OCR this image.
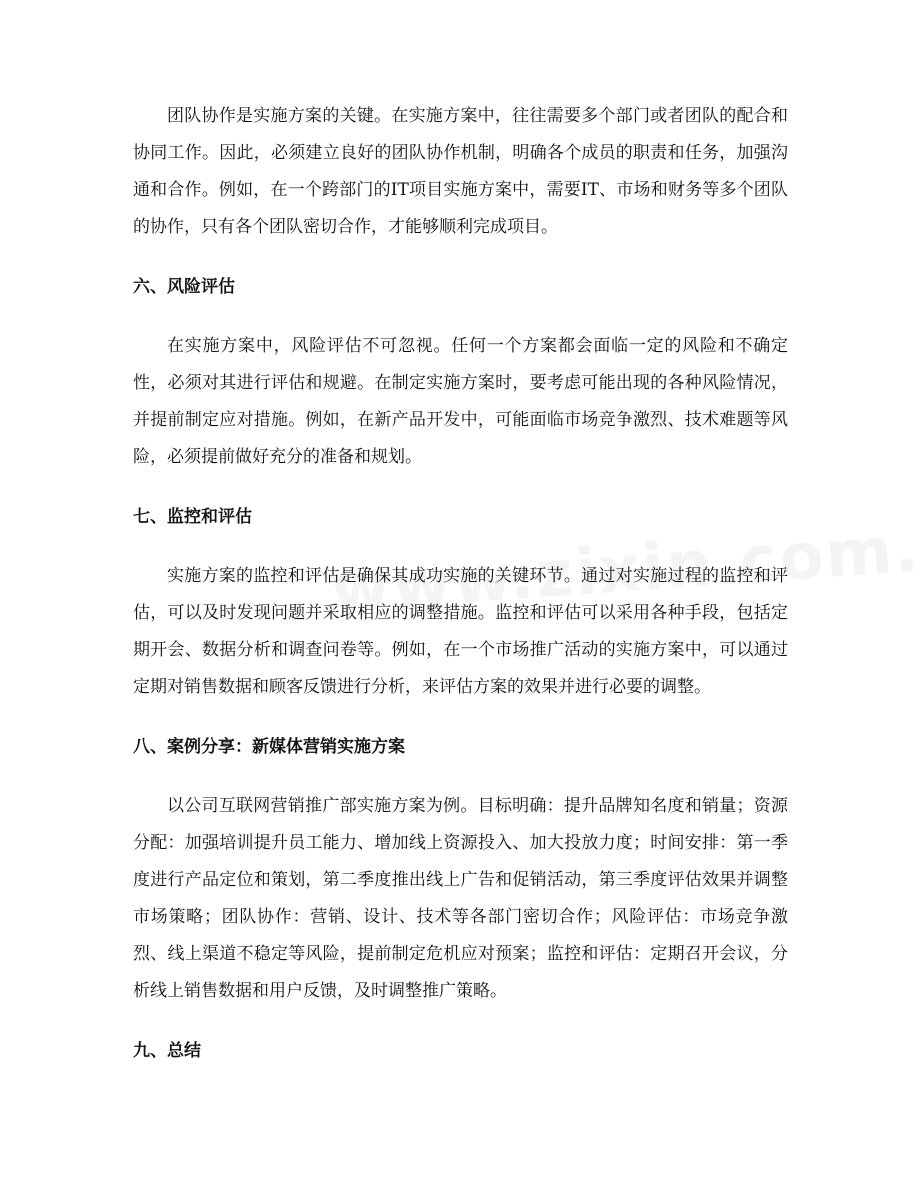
团队协作是实施方案的关键。在实施方案中，往往需要多个部门或者团队的配合和协同工作。因此，必须建立良好的团队协作机制，明确各个成员的职责和任务，加强沟通和合作。例如，在一个跨部门的IT项目实施方案中，需要IT、市场和财务等多个团队的协作，只有各个团队密切合作，才能够顺利完成项目。

六、风险评估

在实施方案中，风险评估不可忽视。任何一个方案都会面临一定的风险和不确定性，必须对其进行评估和规避。在制定实施方案时，要考虑可能出现的各种风险情况，并提前制定应对措施。例如，在新产品开发中，可能面临市场竞争激烈、技术难题等风险，必须提前做好充分的准备和规划。

七、监控和评估

实施方案的监控和评估是确保其成功实施的关键环节。通过对实施过程的监控和评估，可以及时发现问题并采取相应的调整措施。监控和评估可以采用各种手段，包括定期开会、数据分析和调查问卷等。例如，在一个市场推广活动的实施方案中，可以通过定期对销售数据和顾客反馈进行分析，来评估方案的效果并进行必要的调整。

八、案例分享：新媒体营销实施方案

以公司互联网营销推广部实施方案为例。目标明确：提升品牌知名度和销量；资源分配：加强培训提升员工能力、增加线上资源投入、加大投放力度；时间安排：第一季度进行产品定位和策划，第二季度推出线上广告和促销活动，第三季度评估效果并调整市场策略；团队协作：营销、设计、技术等各部门密切合作；风险评估：市场竞争激烈、线上渠道不稳定等风险，提前制定危机应对预案；监控和评估：定期召开会议，分析线上销售数据和用户反馈，及时调整推广策略。

九、总结
